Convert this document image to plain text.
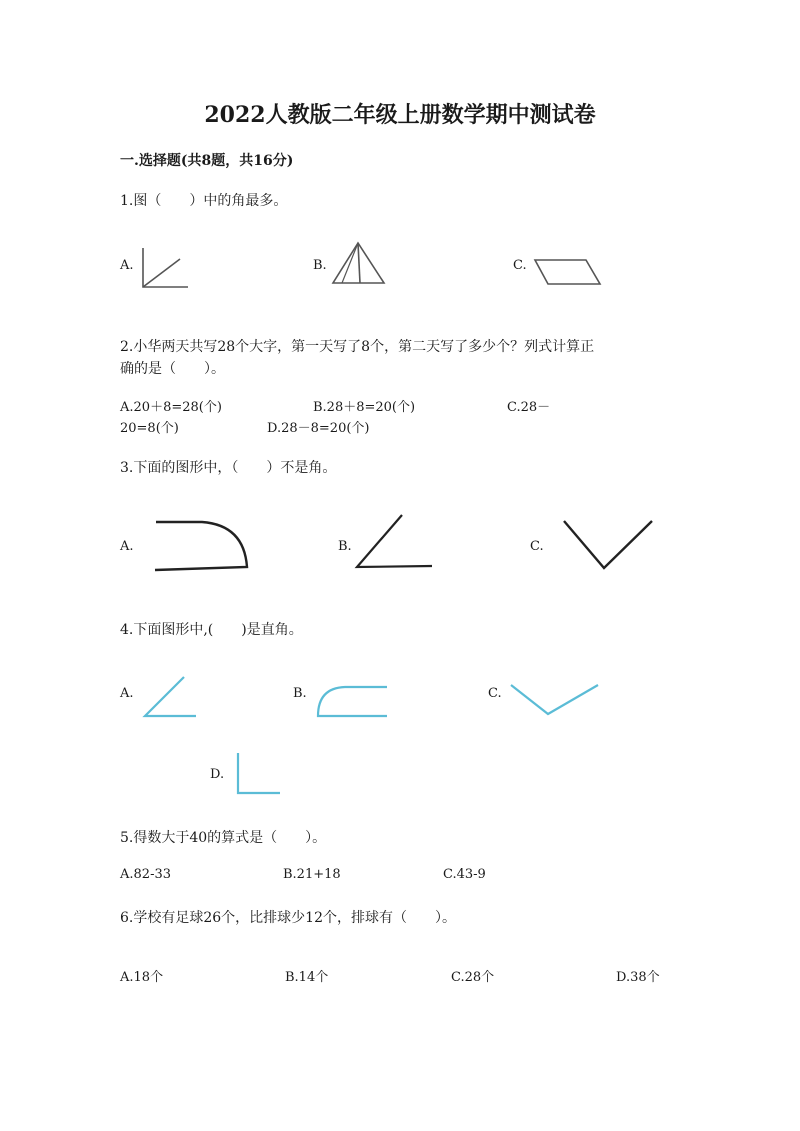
2022人教版二年级上册数学期中测试卷
一.选择题(共8题，共16分)
1.图（　　）中的角最多。
A.	B.	C.
2.小华两天共写28个大字，第一天写了8个，第二天写了多少个？列式计算正
确的是（　　）。
A.20＋8=28(个)	B.28＋8=20(个)	C.28－
20=8(个)	D.28－8=20(个)
3.下面的图形中，（　　）不是角。
A.	B.	C.
4.下面图形中,(　　)是直角。
A.	B.	C.
D.
5.得数大于40的算式是（　　）。
A.82-33	B.21+18	C.43-9
6.学校有足球26个，比排球少12个，排球有（　　）。
A.18个	B.14个	C.28个	D.38个
